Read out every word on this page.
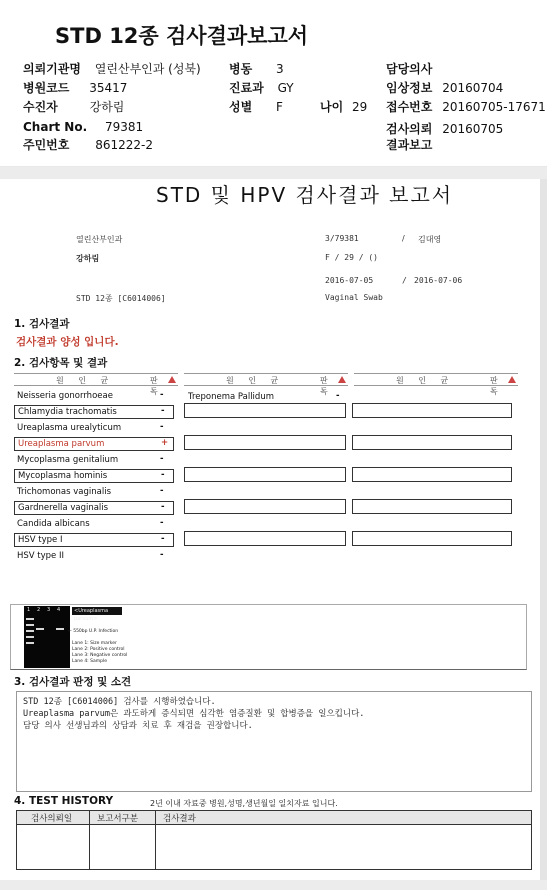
STD 12종 검사결과보고서
의뢰기관명 열린산부인과 (성북) 병동 3	담당의사
병원코드 35417	진료과 GY	임상정보 20160704
수진자	강하림	성별 F	나이 29 접수번호 20160705-17671
Chart No. 79381	검사의뢰 20160705
주민번호 861222-2	결과보고
STD 및 HPV 검사결과 보고서
열린산부인과	3/79381	/ 김대영
강하림	F / 29 / ()
2016-07-05	/ 2016-07-06
STD 12종 [C6014006]	Vaginal Swab
1. 검사결과
검사결과 양성 입니다.
2. 검사항목 및 결과
원 인 균	판 독
원 인 균	판 독
원 인 균	판 독
Neisseria gonorrhoeae	-
Chlamydia trachomatis	-
Ureaplasma urealyticum	-
Ureaplasma parvum	+
Mycoplasma genitalium	-
Mycoplasma hominis	-
Trichomonas vaginalis	-
Gardnerella vaginalis	-
Candida albicans	-
HSV type I	-
HSV type II	-
Treponema Pallidum	-
1 2 3 4	<Ureaplasma parvum>
← 550bp U.P. Infection
Lane 1: Size marker
Lane 2: Positive control
Lane 3: Negative control
Lane 4: Sample
3. 검사결과 판정 및 소견
STD 12종 [C6014006] 검사를 시행하였습니다.
Ureaplasma parvum은 과도하게 증식되면 심각한 염증질환 및 합병증을 일으킵니다.
담당 의사 선생님과의 상담과 치료 후 재검을 권장합니다.
4. TEST HISTORY	2년 이내 자료중 병원,성명,생년월일 일치자료 입니다.
검사의뢰일	보고서구분	검사결과
